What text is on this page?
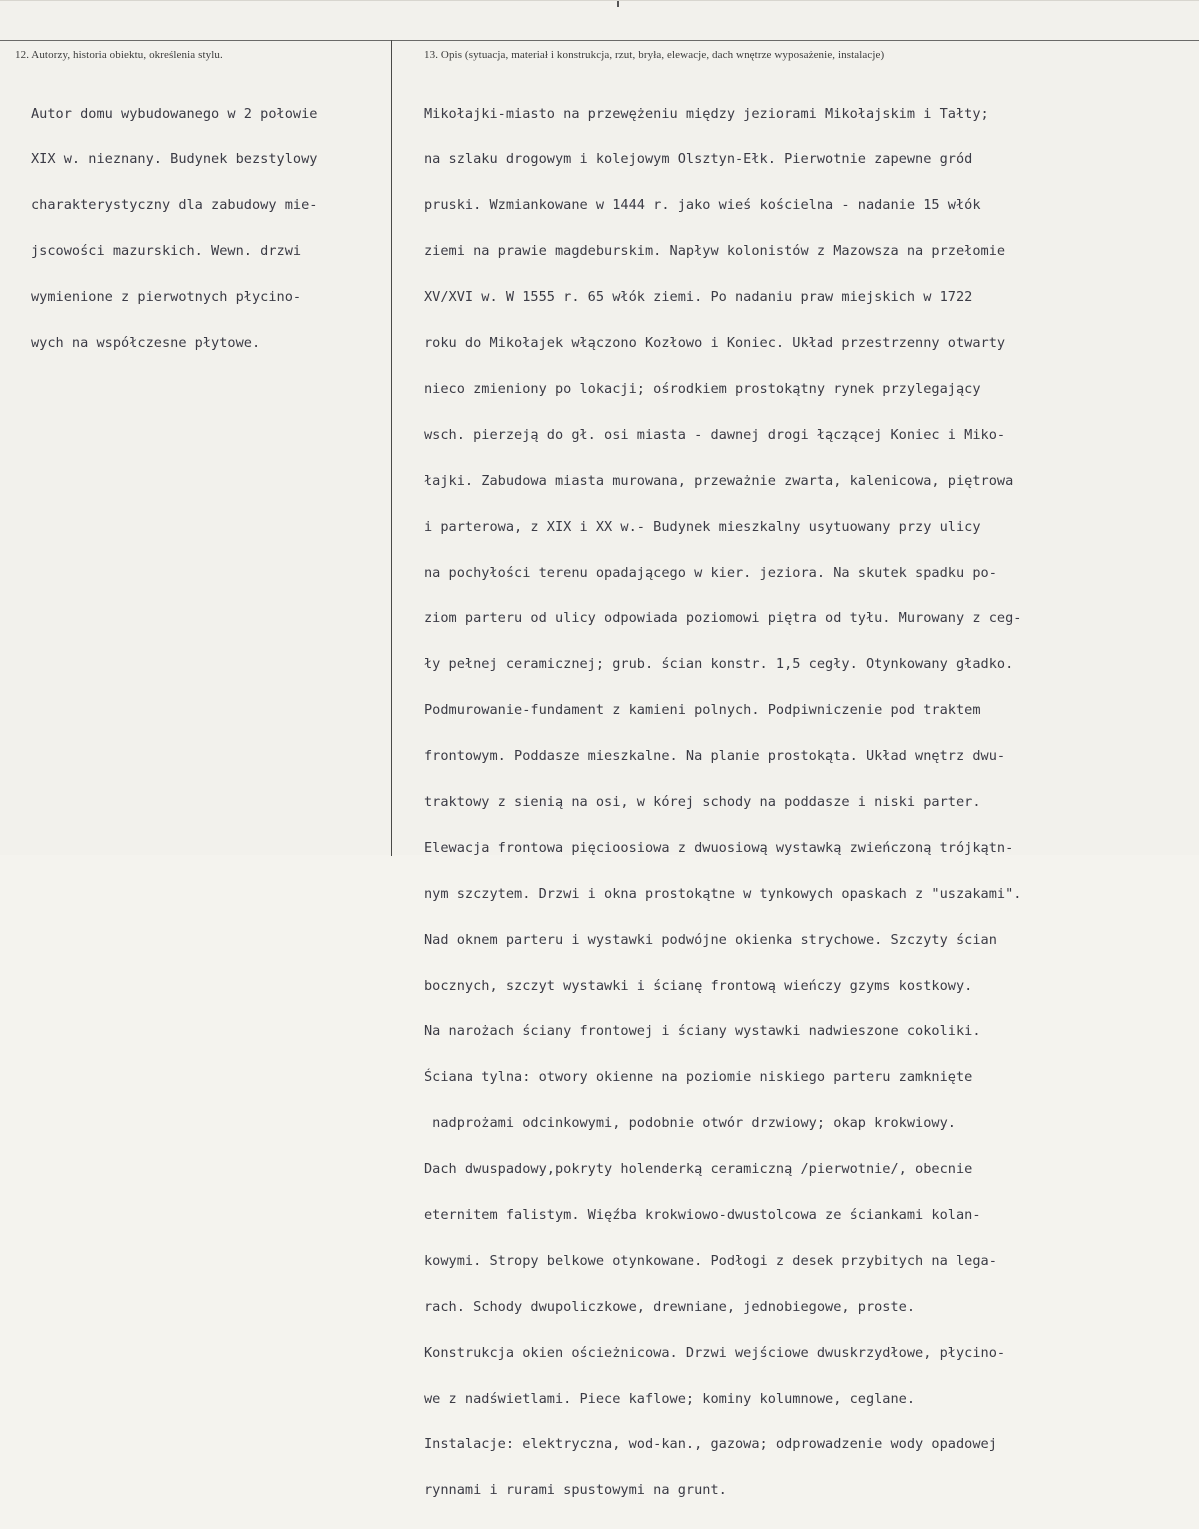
12. Autorzy, historia obiektu, określenia stylu.	13. Opis (sytuacja, materiał i konstrukcja, rzut, bryła, elewacje, dach wnętrze wyposażenie, instalacje)

Autor domu wybudowanego w 2 połowie

XIX w. nieznany. Budynek bezstylowy

charakterystyczny dla zabudowy mie-

jscowości mazurskich. Wewn. drzwi

wymienione z pierwotnych płycino-

wych na współczesne płytowe.

Mikołajki-miasto na przewężeniu między jeziorami Mikołajskim i Tałty;

na szlaku drogowym i kolejowym Olsztyn-Ełk. Pierwotnie zapewne gród

pruski. Wzmiankowane w 1444 r. jako wieś kościelna - nadanie 15 włók

ziemi na prawie magdeburskim. Napływ kolonistów z Mazowsza na przełomie

XV/XVI w. W 1555 r. 65 włók ziemi. Po nadaniu praw miejskich w 1722

roku do Mikołajek włączono Kozłowo i Koniec. Układ przestrzenny otwarty

nieco zmieniony po lokacji; ośrodkiem prostokątny rynek przylegający

wsch. pierzeją do gł. osi miasta - dawnej drogi łączącej Koniec i Miko-

łajki. Zabudowa miasta murowana, przeważnie zwarta, kalenicowa, piętrowa

i parterowa, z XIX i XX w.- Budynek mieszkalny usytuowany przy ulicy

na pochyłości terenu opadającego w kier. jeziora. Na skutek spadku po-

ziom parteru od ulicy odpowiada poziomowi piętra od tyłu. Murowany z ceg-

ły pełnej ceramicznej; grub. ścian konstr. 1,5 cegły. Otynkowany gładko.

Podmurowanie-fundament z kamieni polnych. Podpiwniczenie pod traktem

frontowym. Poddasze mieszkalne. Na planie prostokąta. Układ wnętrz dwu-

traktowy z sienią na osi, w kórej schody na poddasze i niski parter.

Elewacja frontowa pięcioosiowa z dwuosiową wystawką zwieńczoną trójkątn-

nym szczytem. Drzwi i okna prostokątne w tynkowych opaskach z "uszakami".

Nad oknem parteru i wystawki podwójne okienka strychowe. Szczyty ścian

bocznych, szczyt wystawki i ścianę frontową wieńczy gzyms kostkowy.

Na narożach ściany frontowej i ściany wystawki nadwieszone cokoliki.

Ściana tylna: otwory okienne na poziomie niskiego parteru zamknięte

nadprożami odcinkowymi, podobnie otwór drzwiowy; okap krokwiowy.

Dach dwuspadowy,pokryty holenderką ceramiczną /pierwotnie/, obecnie

eternitem falistym. Więźba krokwiowo-dwustolcowa ze ściankami kolan-

kowymi. Stropy belkowe otynkowane. Podłogi z desek przybitych na lega-

rach. Schody dwupoliczkowe, drewniane, jednobiegowe, proste.

Konstrukcja okien ościeżnicowa. Drzwi wejściowe dwuskrzydłowe, płycino-

we z nadświetlami. Piece kaflowe; kominy kolumnowe, ceglane.

Instalacje: elektryczna, wod-kan., gazowa; odprowadzenie wody opadowej

rynnami i rurami spustowymi na grunt.
